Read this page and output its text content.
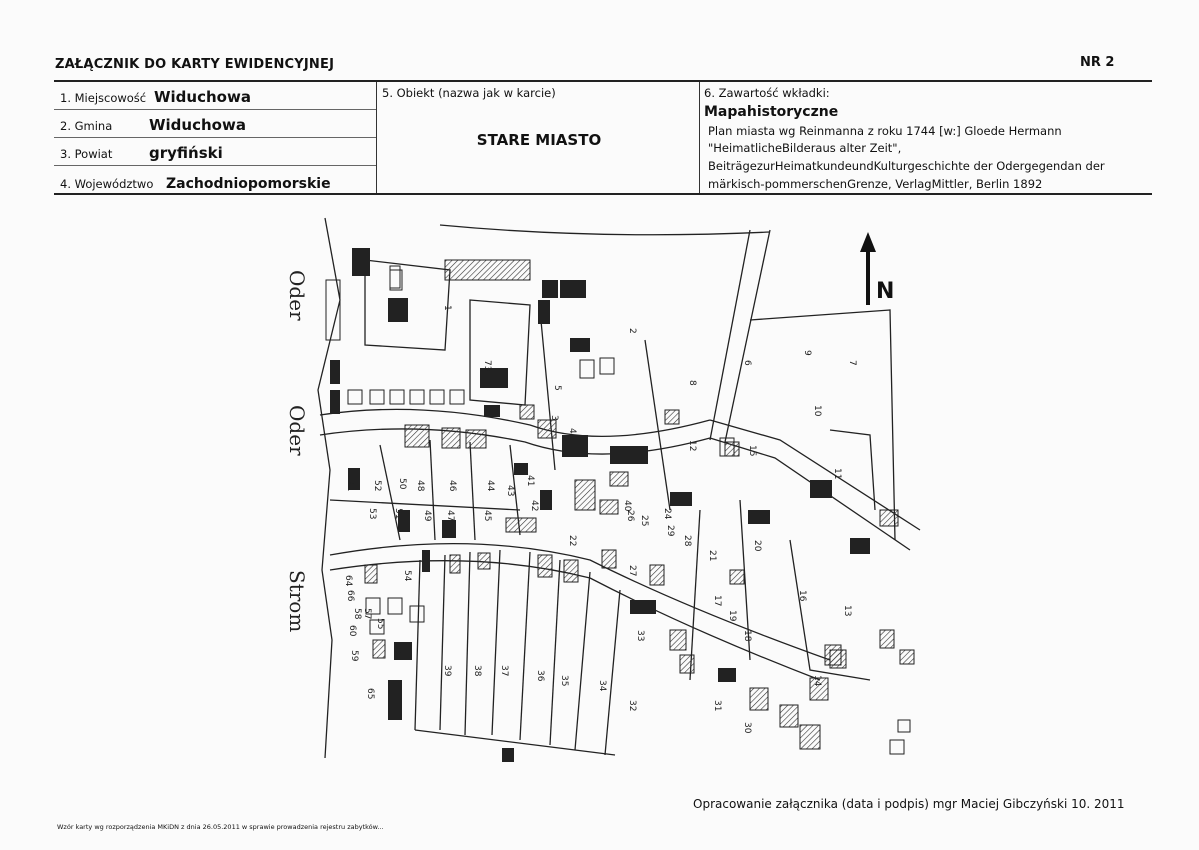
ZAŁĄCZNIK DO KARTY EWIDENCYJNEJ	NR 2
1. Miejscowość Widuchowa
2. Gmina Widuchowa
3. Powiat gryfiński
4. Województwo Zachodniopomorskie
5. Obiekt (nazwa jak w karcie)
STARE MIASTO
6. Zawartość wkładki:
Mapahistoryczne
Plan miasta wg Reinmanna z roku 1744 [w:] Gloede Hermann
"HeimatlicheBilderaus alter Zeit",
BeiträgezurHeimatkundeundKulturgeschichte der Odergegendan der
märkisch-pommerschenGrenze, VerlagMittler, Berlin 1892
N
Oder
Oder
Strom
1
2
3
4
5
6	7
8
9
10
11
12
13
14
15
16
17
18
19
20
21
22
24
25
26
27
28
29
30
31
32
33
34
35
36
37
38
39
40
41
42
43
44
45
46
47
48
49
50
51
52
53
54
55
57
58
59
60
64
65
66
71
72
73
Opracowanie załącznika (data i podpis) mgr Maciej Gibczyński 10. 2011
Wzór karty wg rozporządzenia MKiDN z dnia 26.05.2011 w sprawie prowadzenia rejestru zabytków...
